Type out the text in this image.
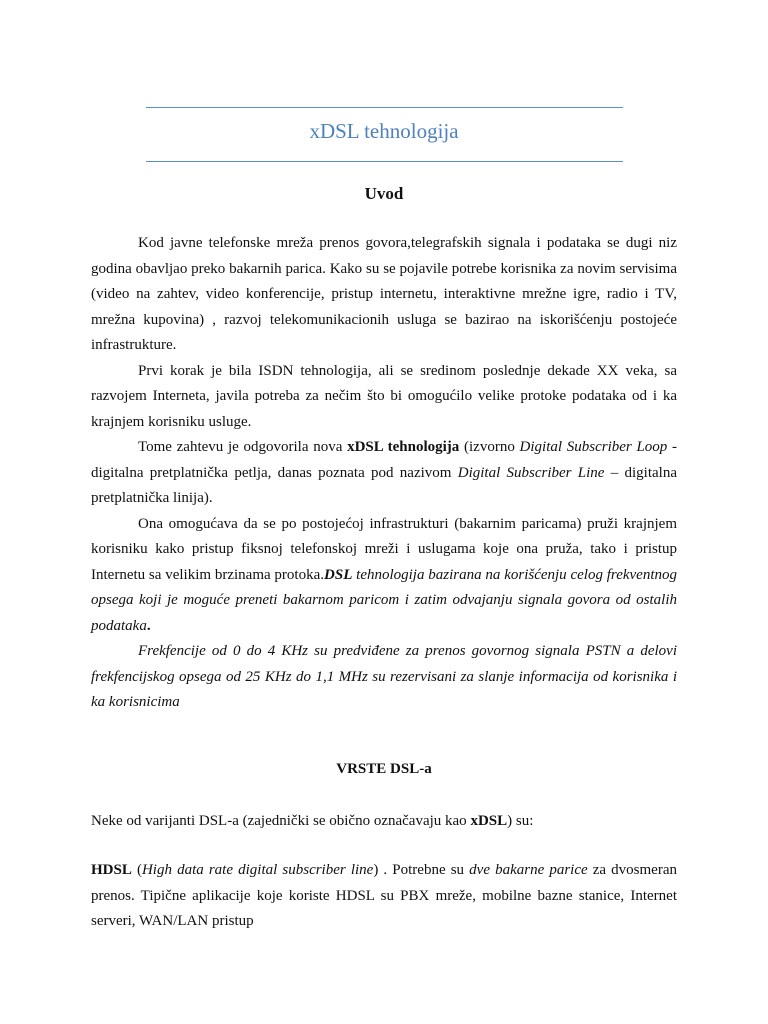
xDSL tehnologija
Uvod

Kod javne telefonske mreža prenos govora,telegrafskih signala i podataka se dugi niz godina obavljao preko bakarnih parica. Kako su se pojavile potrebe korisnika za novim servisima (video na zahtev, video konferencije, pristup internetu, interaktivne mrežne igre, radio i TV, mrežna kupovina) , razvoj telekomunikacionih usluga se bazirao na iskorišćenju postojeće infrastrukture.

Prvi korak je bila ISDN tehnologija, ali se sredinom poslednje dekade XX veka, sa razvojem Interneta, javila potreba za nečim što bi omogućilo velike protoke podataka od i ka krajnjem korisniku usluge.

Tome zahtevu je odgovorila nova xDSL tehnologija (izvorno Digital Subscriber Loop - digitalna pretplatnička petlja, danas poznata pod nazivom Digital Subscriber Line – digitalna pretplatnička linija).

Ona omogućava da se po postojećoj infrastrukturi (bakarnim paricama) pruži krajnjem korisniku kako pristup fiksnoj telefonskoj mreži i uslugama koje ona pruža, tako i pristup Internetu sa velikim brzinama protoka.DSL tehnologija bazirana na korišćenju celog frekventnog opsega koji je moguće preneti bakarnom paricom i zatim odvajanju signala govora od ostalih podataka.

Frekfencije od 0 do 4 KHz su predviđene za prenos govornog signala PSTN a delovi frekfencijskog opsega od 25 KHz do 1,1 MHz su rezervisani za slanje informacija od korisnika i ka korisnicima

VRSTE DSL-a

Neke od varijanti DSL-a (zajednički se obično označavaju kao xDSL) su:

HDSL (High data rate digital subscriber line) . Potrebne su dve bakarne parice za dvosmeran prenos. Tipične aplikacije koje koriste HDSL su PBX mreže, mobilne bazne stanice, Internet serveri, WAN/LAN pristup
